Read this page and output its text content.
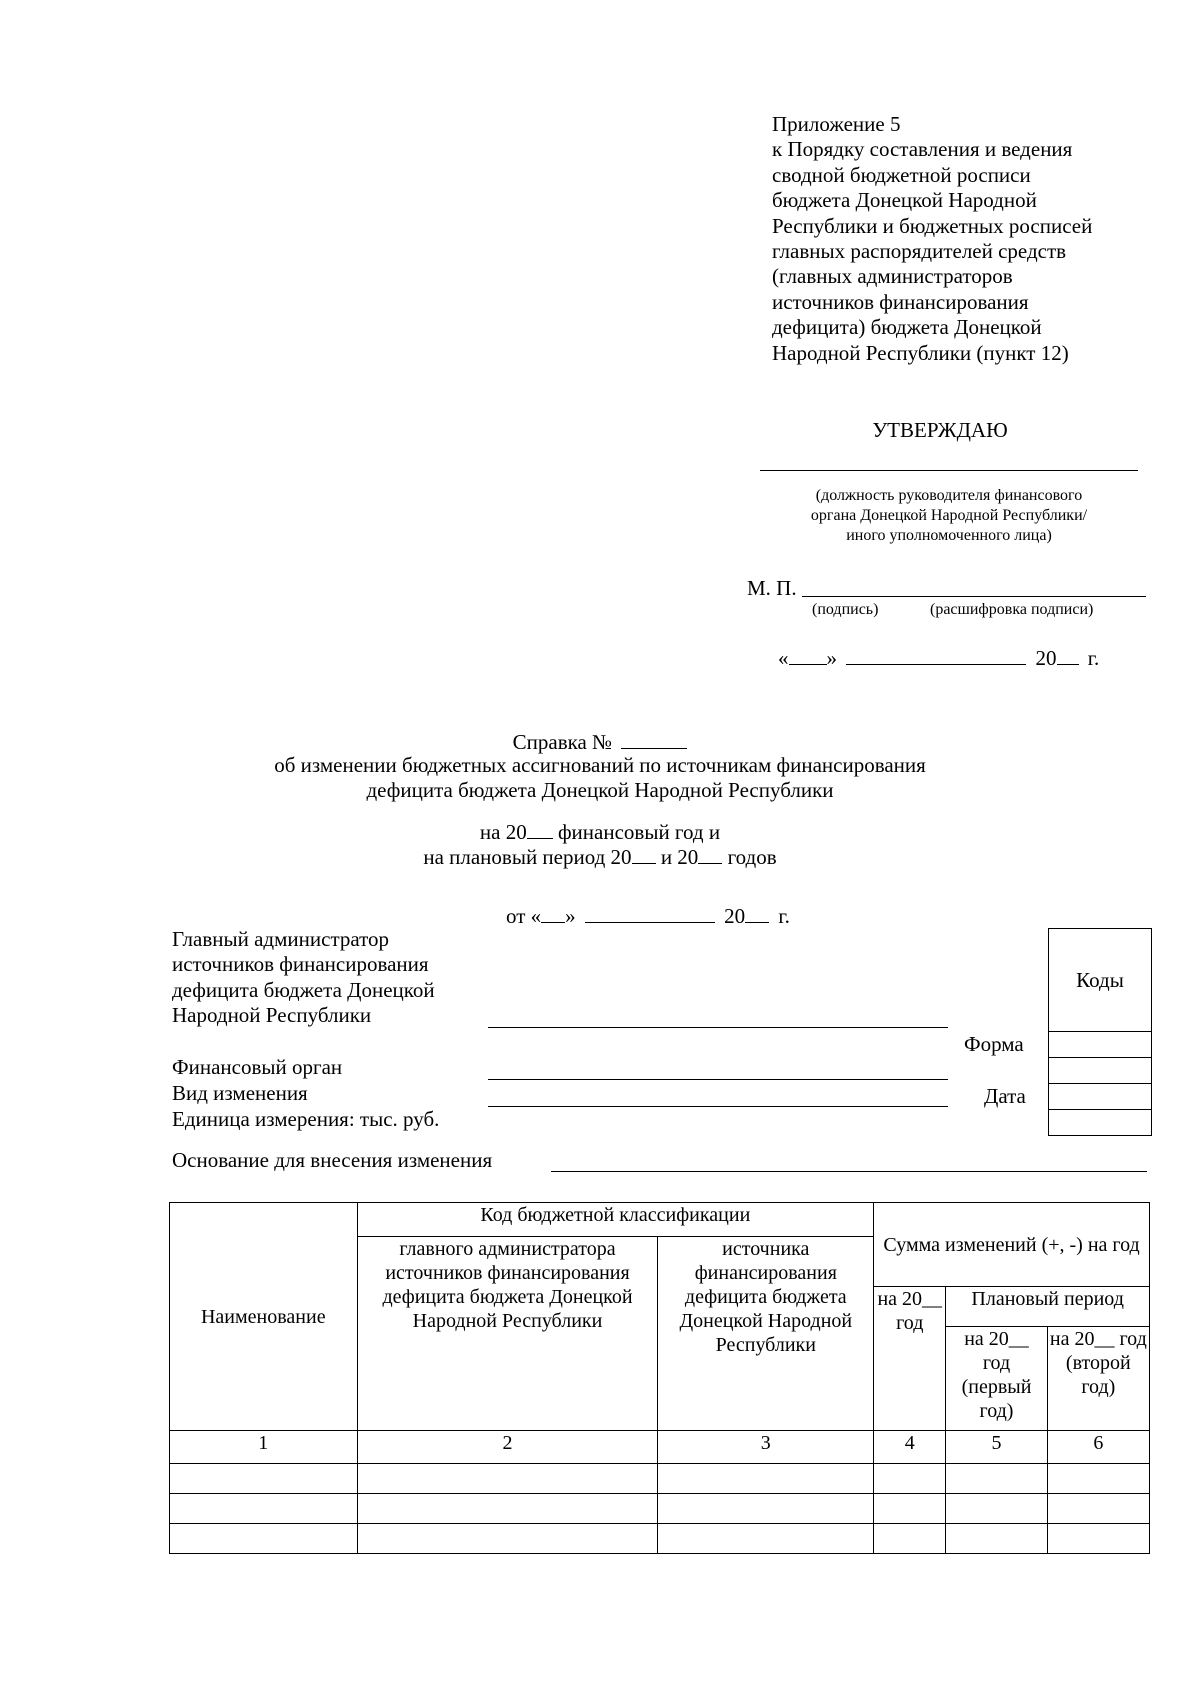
Приложение 5
к Порядку составления и ведения
сводной бюджетной росписи
бюджета Донецкой Народной
Республики и бюджетных росписей
главных распорядителей средств
(главных администраторов
источников финансирования
дефицита) бюджета Донецкой
Народной Республики (пункт 12)
УТВЕРЖДАЮ
(должность руководителя финансового
органа Донецкой Народной Республики/
иного уполномоченного лица)
М. П.
(подпись)	(расшифровка подписи)
« »	20 г.
Справка №
об изменении бюджетных ассигнований по источникам финансирования
дефицита бюджета Донецкой Народной Республики
на 20 финансовый год и
на плановый период 20 и 20 годов
от « »	20 г.
Главный администратор
источников финансирования
дефицита бюджета Донецкой
Народной Республики
Финансовый орган
Вид изменения
Единица измерения: тыс. руб.
Основание для внесения изменения
Форма
Дата
Коды
Наименование	Код бюджетной классификации		Сумма изменений (+, -) на год		
	главного администратора источников финансирования дефицита бюджета Донецкой Народной Республики	источника финансирования дефицита бюджета Донецкой Народной Республики			
			на 20__ год	Плановый период	
				на 20__ год (первый год)	на 20__ год (второй год)
1	2	3	4	5	6
